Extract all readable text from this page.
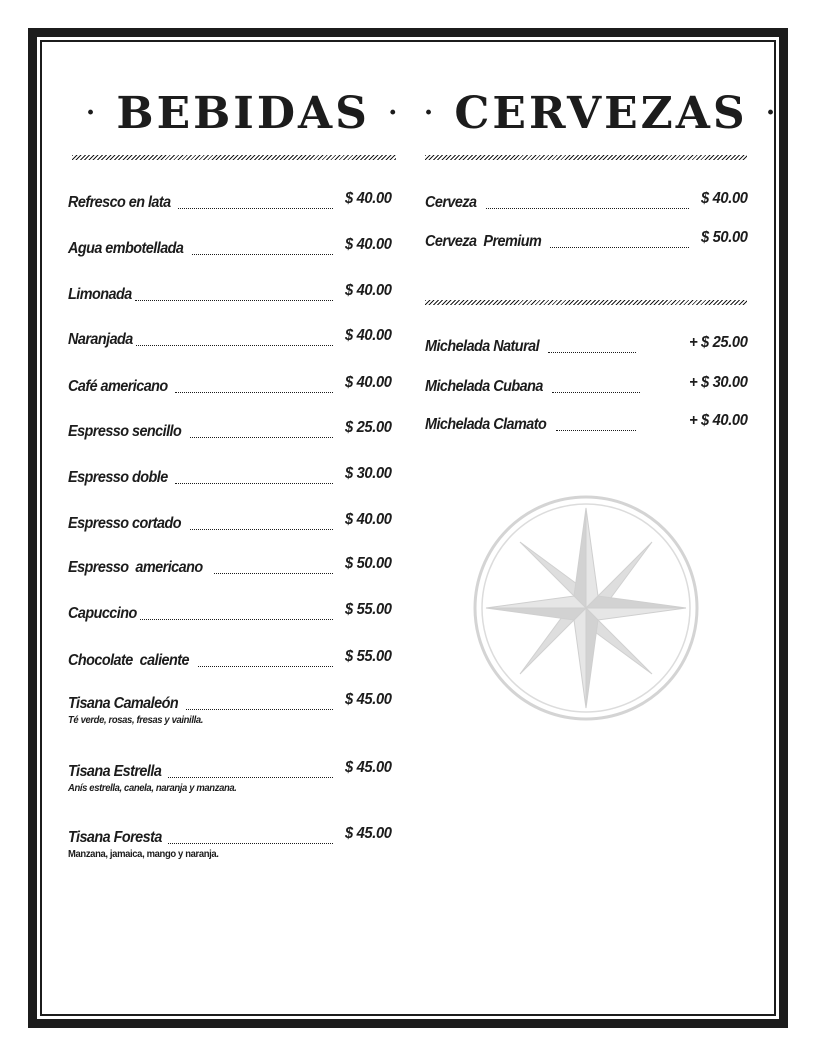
· BEBIDAS ·
Refresco en lata	$ 40.00
Agua embotellada	$ 40.00
Limonada	$ 40.00
Naranjada	$ 40.00
Café americano	$ 40.00
Espresso sencillo	$ 25.00
Espresso doble	$ 30.00
Espresso cortado	$ 40.00
Espresso  americano	$ 50.00
Capuccino	$ 55.00
Chocolate  caliente	$ 55.00
Tisana Camaleón	$ 45.00
Té verde, rosas, fresas y vainilla.
Tisana Estrella	$ 45.00
Anís estrella, canela, naranja y manzana.
Tisana Foresta	$ 45.00
Manzana, jamaica, mango y naranja.
· CERVEZAS ·
Cerveza	$ 40.00
Cerveza  Premium	$ 50.00
Michelada Natural	+ $ 25.00
Michelada Cubana	+ $ 30.00
Michelada Clamato	+ $ 40.00
